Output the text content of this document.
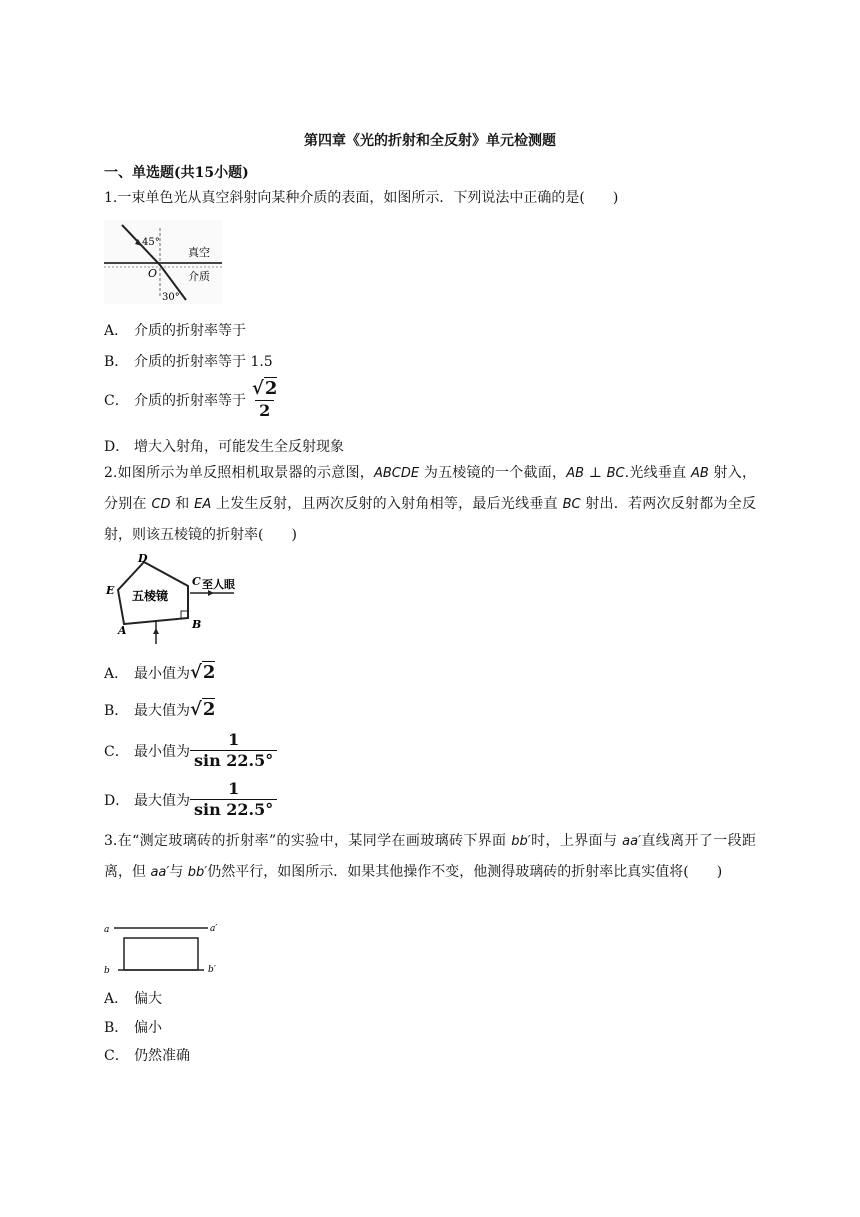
第四章《光的折射和全反射》单元检测题
一、单选题(共15小题)
1.一束单色光从真空斜射向某种介质的表面，如图所示．下列说法中正确的是(　　)
45°
O
30°
真空
介质
A． 介质的折射率等于
B． 介质的折射率等于 1.5
C． 介质的折射率等于 $\frac{√2}{2}$
D． 增大入射角，可能发生全反射现象
2.如图所示为单反照相机取景器的示意图，ABCDE 为五棱镜的一个截面，AB ⊥ BC.光线垂直 AB 射入，分别在 CD 和 EA 上发生反射，且两次反射的入射角相等，最后光线垂直 BC 射出．若两次反射都为全反射，则该五棱镜的折射率(　　)
D
C
E
A	B
五棱镜
至人眼
A． 最小值为 √2
B． 最大值为 √2
C． 最小值为 $\frac{1}{\sin 22.5^\circ}$
D． 最大值为 $\frac{1}{\sin 22.5^\circ}$
3.在“测定玻璃砖的折射率”的实验中，某同学在画玻璃砖下界面 bb′时，上界面与 aa′直线离开了一段距离，但 aa′与 bb′仍然平行，如图所示．如果其他操作不变，他测得玻璃砖的折射率比真实值将(　　)
a	a′
b	b′
A． 偏大
B． 偏小
C． 仍然准确
